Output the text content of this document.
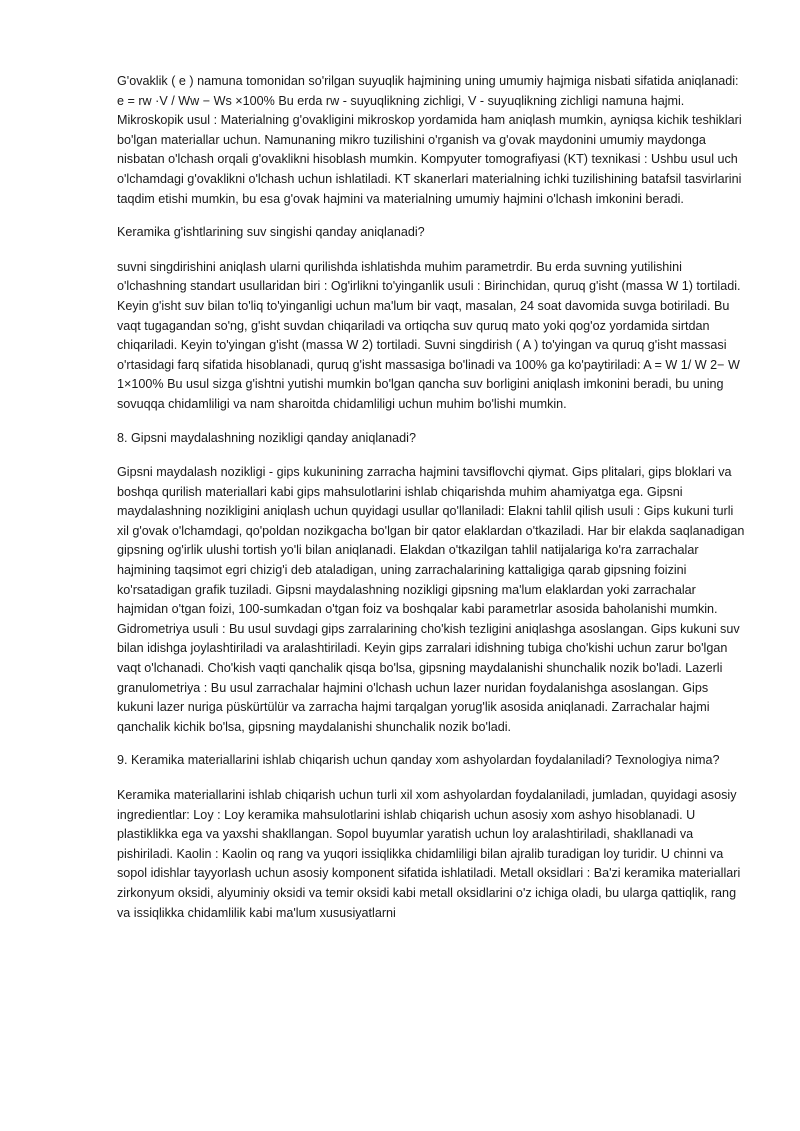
G'ovaklik ( e ) namuna tomonidan so'rilgan suyuqlik hajmining uning umumiy hajmiga nisbati sifatida aniqlanadi: e = rw ·V / Ww − Ws ×100% Bu erda rw - suyuqlikning zichligi, V - suyuqlikning zichligi namuna hajmi. Mikroskopik usul : Materialning g'ovakligini mikroskop yordamida ham aniqlash mumkin, ayniqsa kichik teshiklari bo'lgan materiallar uchun. Namunaning mikro tuzilishini o'rganish va g'ovak maydonini umumiy maydonga nisbatan o'lchash orqali g'ovaklikni hisoblash mumkin. Kompyuter tomografiyasi (KT) texnikasi : Ushbu usul uch o'lchamdagi g'ovaklikni o'lchash uchun ishlatiladi. KT skanerlari materialning ichki tuzilishining batafsil tasvirlarini taqdim etishi mumkin, bu esa g'ovak hajmini va materialning umumiy hajmini o'lchash imkonini beradi.

Keramika g'ishtlarining suv singishi qanday aniqlanadi?

suvni singdirishini aniqlash ularni qurilishda ishlatishda muhim parametrdir. Bu erda suvning yutilishini o'lchashning standart usullaridan biri : Og'irlikni to'yinganlik usuli : Birinchidan, quruq g'isht (massa W 1) tortiladi. Keyin g'isht suv bilan to'liq to'yinganligi uchun ma'lum bir vaqt, masalan, 24 soat davomida suvga botiriladi. Bu vaqt tugagandan so'ng, g'isht suvdan chiqariladi va ortiqcha suv quruq mato yoki qog'oz yordamida sirtdan chiqariladi. Keyin to'yingan g'isht (massa W 2) tortiladi. Suvni singdirish ( A ) to'yingan va quruq g'isht massasi o'rtasidagi farq sifatida hisoblanadi, quruq g'isht massasiga bo'linadi va 100% ga ko'paytiriladi: A = W 1/ W 2− W 1×100% Bu usul sizga g'ishtni yutishi mumkin bo'lgan qancha suv borligini aniqlash imkonini beradi, bu uning sovuqqa chidamliligi va nam sharoitda chidamliligi uchun muhim bo'lishi mumkin.

8. Gipsni maydalashning nozikligi qanday aniqlanadi?

Gipsni maydalash nozikligi - gips kukunining zarracha hajmini tavsiflovchi qiymat. Gips plitalari, gips bloklari va boshqa qurilish materiallari kabi gips mahsulotlarini ishlab chiqarishda muhim ahamiyatga ega. Gipsni maydalashning nozikligini aniqlash uchun quyidagi usullar qo'llaniladi: Elakni tahlil qilish usuli : Gips kukuni turli xil g'ovak o'lchamdagi, qo'poldan nozikgacha bo'lgan bir qator elaklardan o'tkaziladi. Har bir elakda saqlanadigan gipsning og'irlik ulushi tortish yo'li bilan aniqlanadi. Elakdan o'tkazilgan tahlil natijalariga ko'ra zarrachalar hajmining taqsimot egri chizig'i deb ataladigan, uning zarrachalarining kattaligiga qarab gipsning foizini ko'rsatadigan grafik tuziladi. Gipsni maydalashning nozikligi gipsning ma'lum elaklardan yoki zarrachalar hajmidan o'tgan foizi, 100-sumkadan o'tgan foiz va boshqalar kabi parametrlar asosida baholanishi mumkin. Gidrometriya usuli : Bu usul suvdagi gips zarralarining cho'kish tezligini aniqlashga asoslangan. Gips kukuni suv bilan idishga joylashtiriladi va aralashtiriladi. Keyin gips zarralari idishning tubiga cho'kishi uchun zarur bo'lgan vaqt o'lchanadi. Cho'kish vaqti qanchalik qisqa bo'lsa, gipsning maydalanishi shunchalik nozik bo'ladi. Lazerli granulometriya : Bu usul zarrachalar hajmini o'lchash uchun lazer nuridan foydalanishga asoslangan. Gips kukuni lazer nuriga püskürtülür va zarracha hajmi tarqalgan yorug'lik asosida aniqlanadi. Zarrachalar hajmi qanchalik kichik bo'lsa, gipsning maydalanishi shunchalik nozik bo'ladi.

9. Keramika materiallarini ishlab chiqarish uchun qanday xom ashyolardan foydalaniladi? Texnologiya nima?

Keramika materiallarini ishlab chiqarish uchun turli xil xom ashyolardan foydalaniladi, jumladan, quyidagi asosiy ingredientlar: Loy : Loy keramika mahsulotlarini ishlab chiqarish uchun asosiy xom ashyo hisoblanadi. U plastiklikka ega va yaxshi shakllangan. Sopol buyumlar yaratish uchun loy aralashtiriladi, shakllanadi va pishiriladi. Kaolin : Kaolin oq rang va yuqori issiqlikka chidamliligi bilan ajralib turadigan loy turidir. U chinni va sopol idishlar tayyorlash uchun asosiy komponent sifatida ishlatiladi. Metall oksidlari : Ba'zi keramika materiallari zirkonyum oksidi, alyuminiy oksidi va temir oksidi kabi metall oksidlarini o'z ichiga oladi, bu ularga qattiqlik, rang va issiqlikka chidamlilik kabi ma'lum xususiyatlarni
